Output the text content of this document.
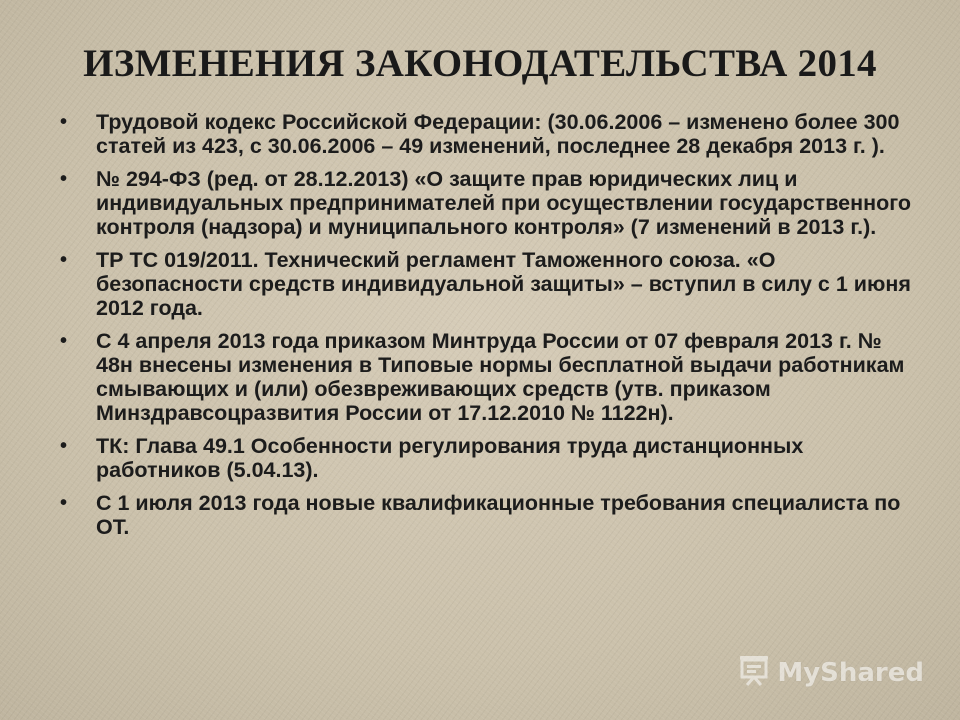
ИЗМЕНЕНИЯ ЗАКОНОДАТЕЛЬСТВА 2014
• Трудовой кодекс Российской Федерации: (30.06.2006 – изменено более 300 статей из 423, с 30.06.2006 – 49 изменений, последнее 28 декабря 2013 г. ).
• № 294-ФЗ (ред. от 28.12.2013) «О защите прав юридических лиц и индивидуальных предпринимателей при осуществлении государственного контроля (надзора) и муниципального контроля» (7 изменений в 2013 г.).
• ТР ТС 019/2011. Технический регламент Таможенного союза. «О безопасности средств индивидуальной защиты» – вступил в силу с 1 июня 2012 года.
• С 4 апреля 2013 года приказом Минтруда России от 07 февраля 2013 г. № 48н внесены изменения в Типовые нормы бесплатной выдачи работникам смывающих и (или) обезвреживающих средств (утв. приказом Минздравсоцразвития России от 17.12.2010 № 1122н).
• ТК: Глава 49.1 Особенности регулирования труда дистанционных работников (5.04.13).
• С 1 июля 2013 года новые квалификационные требования специалиста по ОТ.
MyShared
